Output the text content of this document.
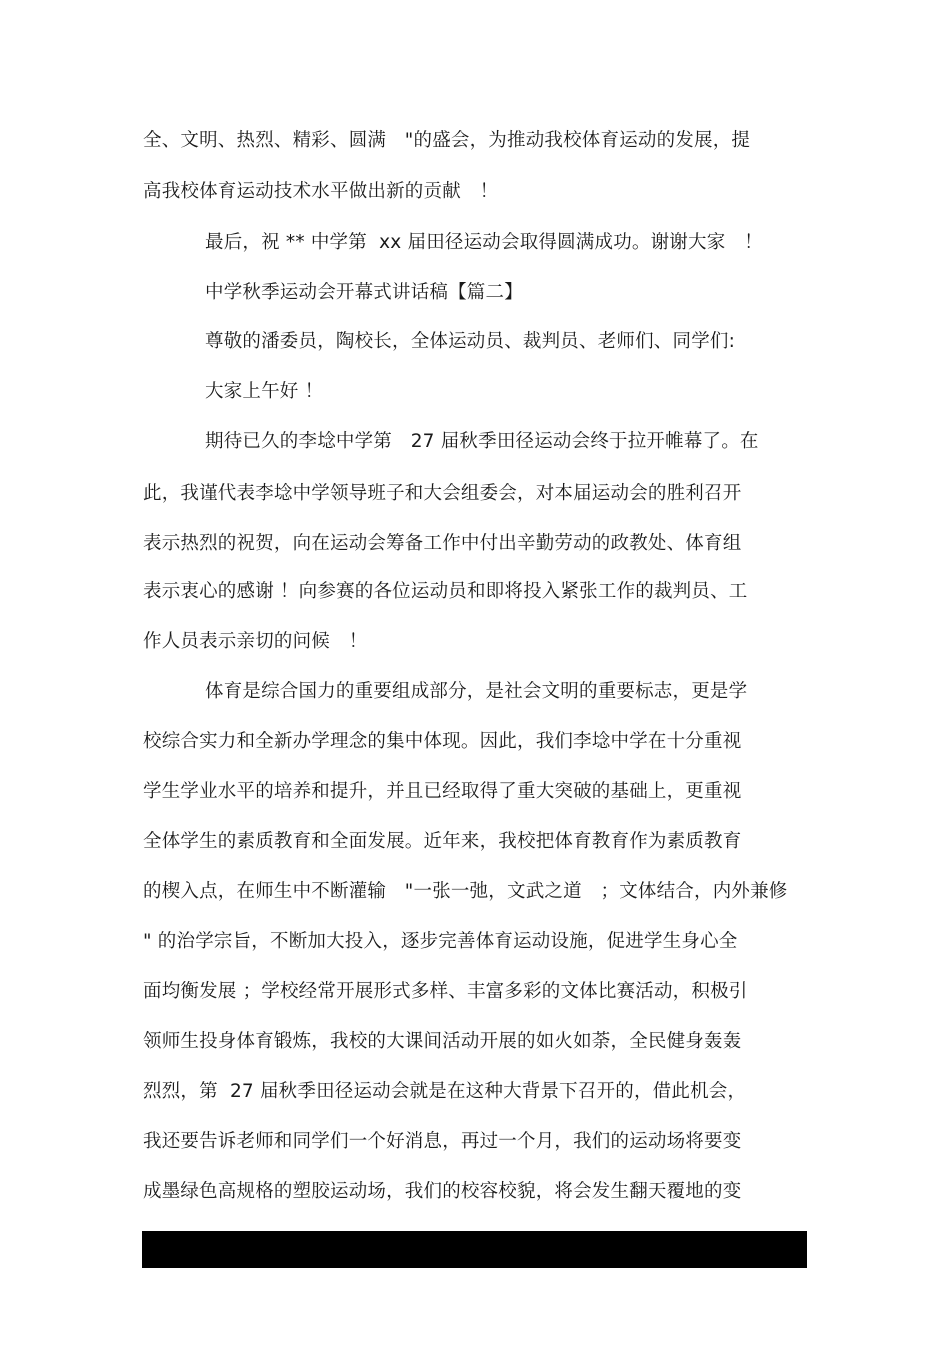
全、文明、热烈、精彩、圆满　"的盛会，为推动我校体育运动的发展，提
高我校体育运动技术水平做出新的贡献　！
最后，祝 ** 中学第  xx 届田径运动会取得圆满成功。谢谢大家　！
中学秋季运动会开幕式讲话稿【篇二】
尊敬的潘委员，陶校长，全体运动员、裁判员、老师们、同学们:
大家上午好 ！
期待已久的李埝中学第　27 届秋季田径运动会终于拉开帷幕了。在
此，我谨代表李埝中学领导班子和大会组委会，对本届运动会的胜利召开
表示热烈的祝贺，向在运动会筹备工作中付出辛勤劳动的政教处、体育组
表示衷心的感谢 ！向参赛的各位运动员和即将投入紧张工作的裁判员、工
作人员表示亲切的问候　！
体育是综合国力的重要组成部分，是社会文明的重要标志，更是学
校综合实力和全新办学理念的集中体现。因此，我们李埝中学在十分重视
学生学业水平的培养和提升，并且已经取得了重大突破的基础上，更重视
全体学生的素质教育和全面发展。近年来，我校把体育教育作为素质教育
的楔入点，在师生中不断灌输　"一张一弛，文武之道　；文体结合，内外兼修
" 的治学宗旨，不断加大投入，逐步完善体育运动设施，促进学生身心全
面均衡发展 ；学校经常开展形式多样、丰富多彩的文体比赛活动，积极引
领师生投身体育锻炼，我校的大课间活动开展的如火如荼，全民健身轰轰
烈烈，第  27 届秋季田径运动会就是在这种大背景下召开的，借此机会，
我还要告诉老师和同学们一个好消息，再过一个月，我们的运动场将要变
成墨绿色高规格的塑胶运动场，我们的校容校貌，将会发生翻天覆地的变
